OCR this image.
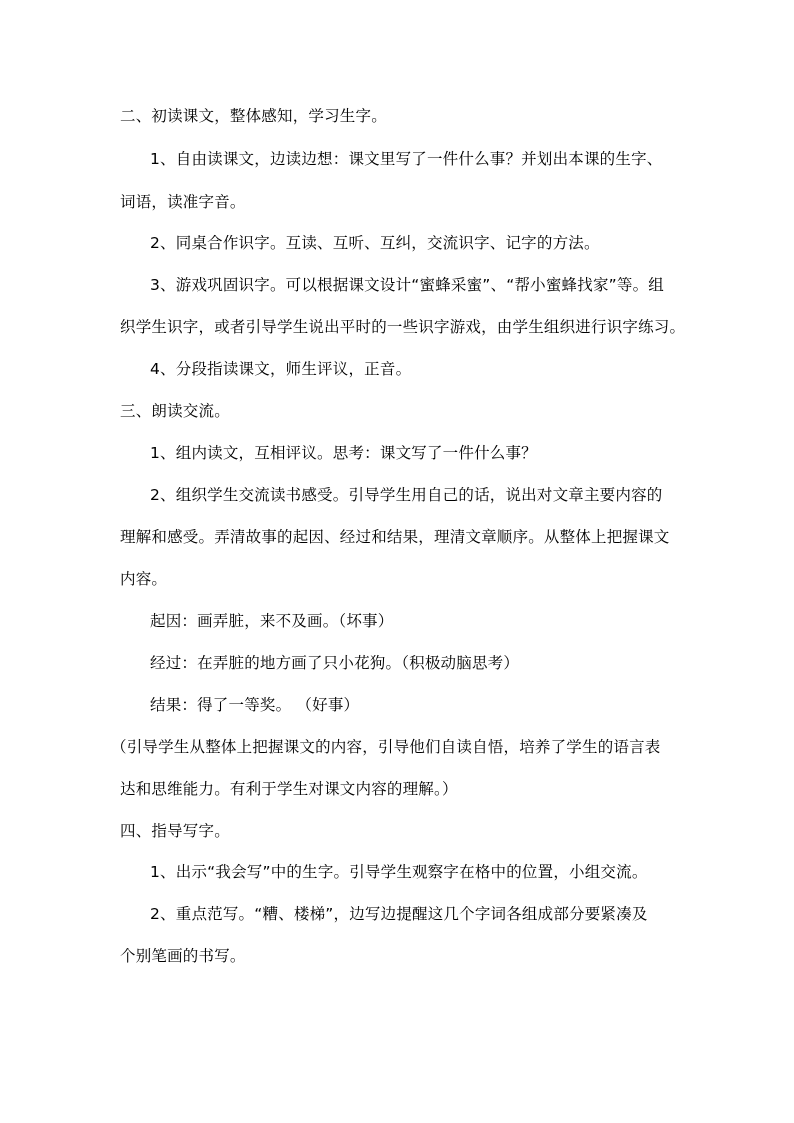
二、初读课文，整体感知，学习生字。
1、自由读课文，边读边想：课文里写了一件什么事？并划出本课的生字、
词语，读准字音。
2、同桌合作识字。互读、互听、互纠，交流识字、记字的方法。
3、游戏巩固识字。可以根据课文设计“蜜蜂采蜜”、“帮小蜜蜂找家”等。组
织学生识字，或者引导学生说出平时的一些识字游戏，由学生组织进行识字练习。
4、分段指读课文，师生评议，正音。
三、朗读交流。
1、组内读文，互相评议。思考：课文写了一件什么事？
2、组织学生交流读书感受。引导学生用自己的话，说出对文章主要内容的
理解和感受。弄清故事的起因、经过和结果，理清文章顺序。从整体上把握课文
内容。
起因：画弄脏，来不及画。（坏事）
经过：在弄脏的地方画了只小花狗。（积极动脑思考）
结果：得了一等奖。 （好事）
（引导学生从整体上把握课文的内容，引导他们自读自悟，培养了学生的语言表
达和思维能力。有利于学生对课文内容的理解。）
四、指导写字。
1、出示“我会写”中的生字。引导学生观察字在格中的位置，小组交流。
2、重点范写。“糟、楼梯”，边写边提醒这几个字词各组成部分要紧凑及
个别笔画的书写。
